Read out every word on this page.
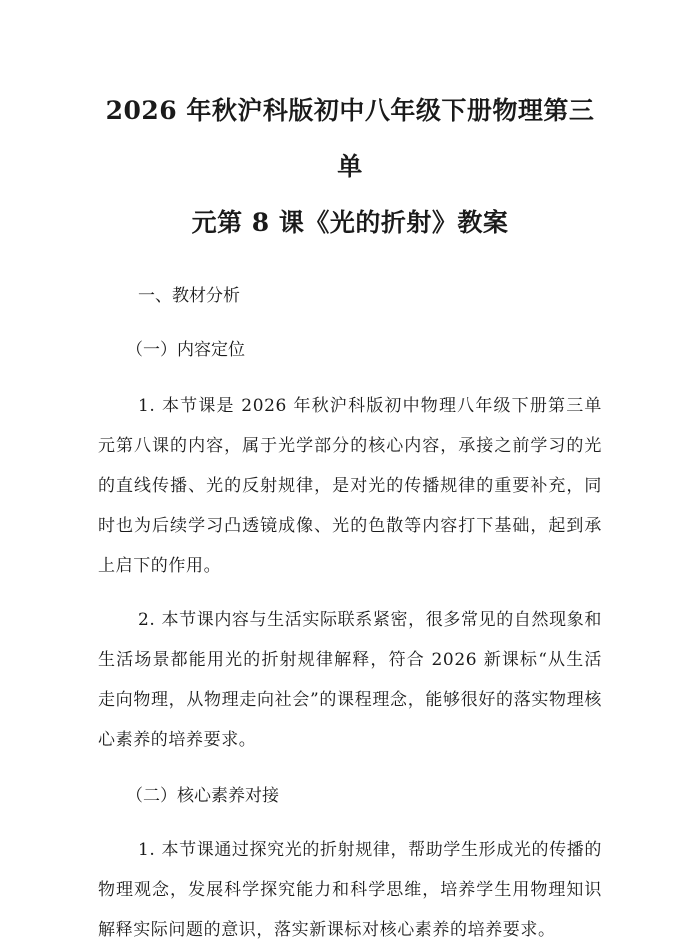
2026 年秋沪科版初中八年级下册物理第三单
元第 8 课《光的折射》教案

一、教材分析

（一）内容定位

1. 本节课是 2026 年秋沪科版初中物理八年级下册第三单元第八课的内容，属于光学部分的核心内容，承接之前学习的光的直线传播、光的反射规律，是对光的传播规律的重要补充，同时也为后续学习凸透镜成像、光的色散等内容打下基础，起到承上启下的作用。

2. 本节课内容与生活实际联系紧密，很多常见的自然现象和生活场景都能用光的折射规律解释，符合 2026 新课标“从生活走向物理，从物理走向社会”的课程理念，能够很好的落实物理核心素养的培养要求。

（二）核心素养对接

1. 本节课通过探究光的折射规律，帮助学生形成光的传播的物理观念，发展科学探究能力和科学思维，培养学生用物理知识解释实际问题的意识，落实新课标对核心素养的培养要求。
